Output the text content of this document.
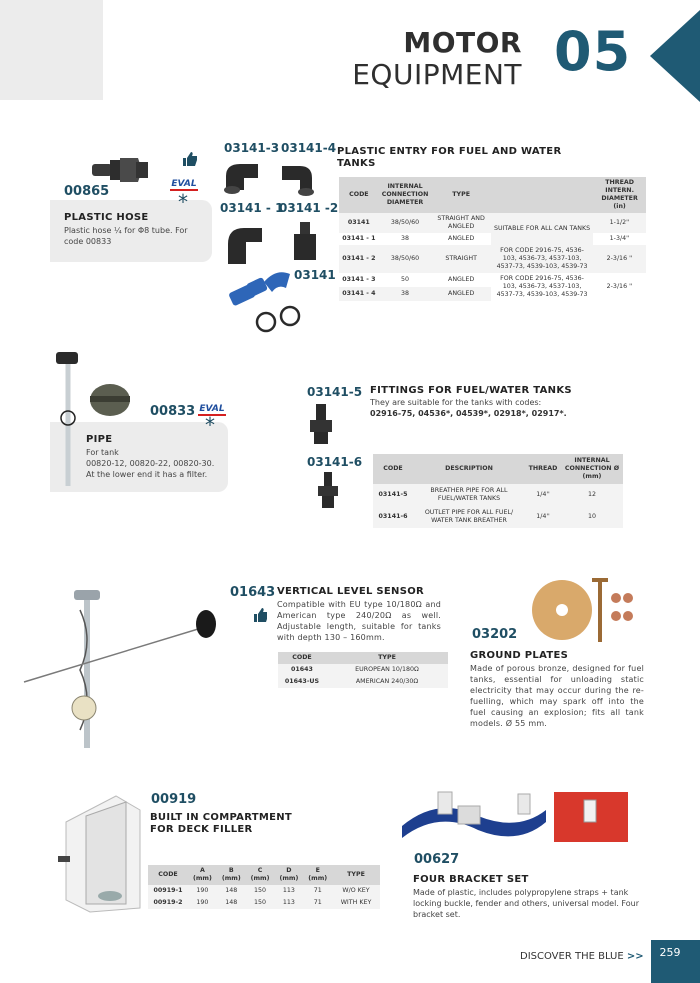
MOTOR
EQUIPMENT 05
00865	EVAL
*
PLASTIC HOSE
Plastic hose ¼ for Φ8 tube. For code 00833
03141-3 03141-4
03141 - 1
03141 -2
03141
PLASTIC ENTRY FOR FUEL AND WATER TANKS
CODE	INTERNAL CONNECTION DIAMETER	TYPE		THREAD INTERN. DIAMETER (in)
03141	38/50/60	STRAIGHT AND ANGLED	SUITABLE FOR ALL CAN TANKS	1-1/2''
03141 - 1	38	ANGLED		1-3/4''
03141 - 2	38/50/60	STRAIGHT	FOR CODE 2916-75, 4536-103, 4536-73, 4537-103, 4537-73, 4539-103, 4539-73	2-3/16 ''
03141 - 3	50	ANGLED	FOR CODE 2916-75, 4536-103, 4536-73, 4537-103, 4537-73, 4539-103, 4539-73	2-3/16 ''
03141 - 4	38	ANGLED		
00833 EVAL
*
PIPE
For tank
00820-12, 00820-22, 00820-30.
At the lower end it has a filter.
03141-5
03141-6
FITTINGS FOR FUEL/WATER TANKS
They are suitable for the tanks with codes:
02916-75, 04536*, 04539*, 02918*, 02917*.
CODE	DESCRIPTION	THREAD	INTERNAL CONNECTION Ø (mm)
03141-5	BREATHER PIPE FOR ALL FUEL/WATER TANKS	1/4''	12
03141-6	OUTLET PIPE FOR ALL FUEL/ WATER TANK BREATHER	1/4''	10
01643 VERTICAL LEVEL SENSOR
Compatible with EU type 10/180Ω and American type 240/20Ω as well. Adjustable length, suitable for tanks with depth 130 – 160mm.
CODE	TYPE
01643	EUROPEAN 10/180Ω
01643-US	AMERICAN 240/30Ω
03202
GROUND PLATES
Made of porous bronze, designed for fuel tanks, essential for unloading static electricity that may occur during the re-fuelling, which may spark off into the fuel causing an explosion; fits all tank models. Ø 55 mm.
00919
BUILT IN COMPARTMENT
FOR DECK FILLER
CODE	A (mm)	B (mm)	C (mm)	D (mm)	E (mm)	TYPE
00919-1	190	148	150	113	71	W/O KEY
00919-2	190	148	150	113	71	WITH KEY
00627
FOUR BRACKET SET
Made of plastic, includes polypropylene straps + tank locking buckle, fender and others, universal model. Four bracket set.
DISCOVER THE BLUE >>	259
